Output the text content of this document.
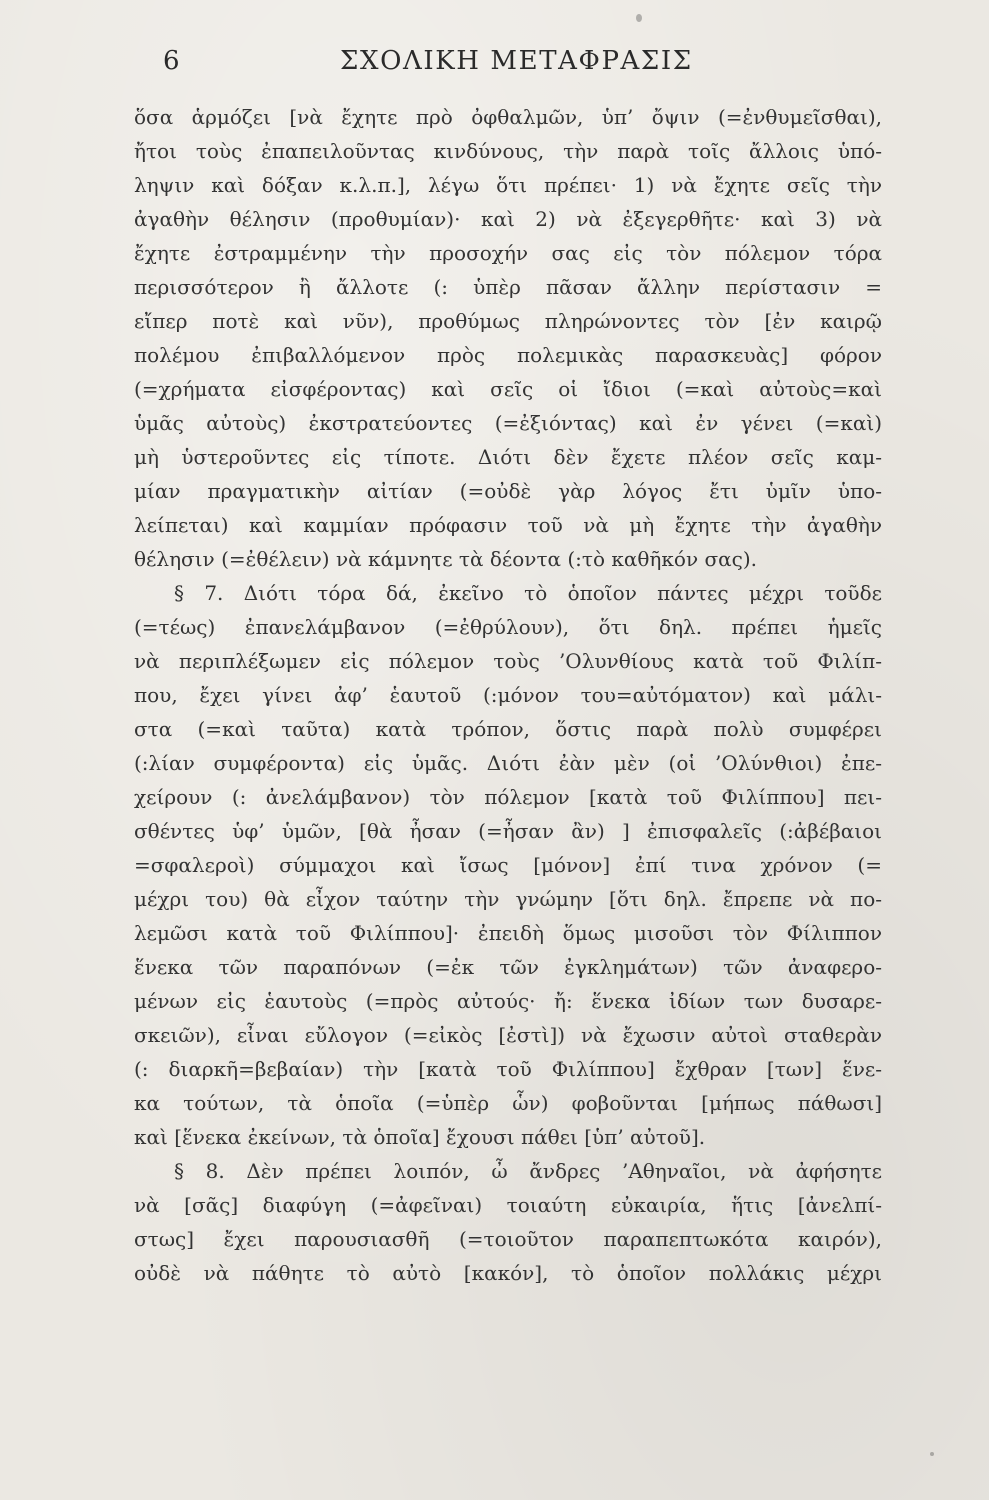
6	ΣΧΟΛΙΚΗ ΜΕΤΑΦΡΑΣΙΣ
ὅσα ἁρμόζει [νὰ ἔχητε πρὸ ὀφθαλμῶν, ὑπ’ ὄψιν (=ἐνθυμεῖσθαι),
ἤτοι τοὺς ἐπαπειλοῦντας κινδύνους, τὴν παρὰ τοῖς ἄλλοις ὑπό-
ληψιν καὶ δόξαν κ.λ.π.], λέγω ὅτι πρέπει· 1) νὰ ἔχητε σεῖς τὴν
ἀγαθὴν θέλησιν (προθυμίαν)· καὶ 2) νὰ ἐξεγερθῆτε· καὶ 3) νὰ
ἔχητε ἐστραμμένην τὴν προσοχήν σας εἰς τὸν πόλεμον τόρα
περισσότερον ἢ ἄλλοτε (: ὑπὲρ πᾶσαν ἄλλην περίστασιν =
εἴπερ ποτὲ καὶ νῦν), προθύμως πληρώνοντες τὸν [ἐν καιρῷ
πολέμου ἐπιβαλλόμενον πρὸς πολεμικὰς παρασκευὰς] φόρον
(=χρήματα εἰσφέροντας) καὶ σεῖς οἱ ἴδιοι (=καὶ αὐτοὺς=καὶ
ὑμᾶς αὐτοὺς) ἐκστρατεύοντες (=ἐξιόντας) καὶ ἐν γένει (=καὶ)
μὴ ὑστεροῦντες εἰς τίποτε. Διότι δὲν ἔχετε πλέον σεῖς καμ-
μίαν πραγματικὴν αἰτίαν (=οὐδὲ γὰρ λόγος ἔτι ὑμῖν ὑπο-
λείπεται) καὶ καμμίαν πρόφασιν τοῦ νὰ μὴ ἔχητε τὴν ἀγαθὴν
θέλησιν (=ἐθέλειν) νὰ κάμνητε τὰ δέοντα (:τὸ καθῆκόν σας).
§ 7. Διότι τόρα δά, ἐκεῖνο τὸ ὁποῖον πάντες μέχρι τοῦδε
(=τέως) ἐπανελάμβανον (=ἐθρύλουν), ὅτι δηλ. πρέπει ἡμεῖς
νὰ περιπλέξωμεν εἰς πόλεμον τοὺς ’Ολυνθίους κατὰ τοῦ Φιλίπ-
που, ἔχει γίνει ἀφ’ ἑαυτοῦ (:μόνον του=αὐτόματον) καὶ μάλι-
στα (=καὶ ταῦτα) κατὰ τρόπον, ὅστις παρὰ πολὺ συμφέρει
(:λίαν συμφέροντα) εἰς ὑμᾶς. Διότι ἐὰν μὲν (οἱ ’Ολύνθιοι) ἐπε-
χείρουν (: ἀνελάμβανον) τὸν πόλεμον [κατὰ τοῦ Φιλίππου] πει-
σθέντες ὑφ’ ὑμῶν, [θὰ ἦσαν (=ἦσαν ἂν) ] ἐπισφαλεῖς (:ἀβέβαιοι
=σφαλεροὶ) σύμμαχοι καὶ ἴσως [μόνον] ἐπί τινα χρόνον (=
μέχρι του) θὰ εἶχον ταύτην τὴν γνώμην [ὅτι δηλ. ἔπρεπε νὰ πο-
λεμῶσι κατὰ τοῦ Φιλίππου]· ἐπειδὴ ὅμως μισοῦσι τὸν Φίλιππον
ἕνεκα τῶν παραπόνων (=ἐκ τῶν ἐγκλημάτων) τῶν ἀναφερο-
μένων εἰς ἑαυτοὺς (=πρὸς αὐτούς· ἤ: ἕνεκα ἰδίων των δυσαρε-
σκειῶν), εἶναι εὔλογον (=εἰκὸς [ἐστὶ]) νὰ ἔχωσιν αὐτοὶ σταθερὰν
(: διαρκῆ=βεβαίαν) τὴν [κατὰ τοῦ Φιλίππου] ἔχθραν [των] ἕνε-
κα τούτων, τὰ ὁποῖα (=ὑπὲρ ὧν) φοβοῦνται [μήπως πάθωσι]
καὶ [ἕνεκα ἐκείνων, τὰ ὁποῖα] ἔχουσι πάθει [ὑπ’ αὐτοῦ].
§ 8. Δὲν πρέπει λοιπόν, ὦ ἄνδρες ’Αθηναῖοι, νὰ ἀφήσητε
νὰ [σᾶς] διαφύγη (=ἀφεῖναι) τοιαύτη εὐκαιρία, ἥτις [ἀνελπί-
στως] ἔχει παρουσιασθῆ (=τοιοῦτον παραπεπτωκότα καιρόν),
οὐδὲ νὰ πάθητε τὸ αὐτὸ [κακόν], τὸ ὁποῖον πολλάκις μέχρι
